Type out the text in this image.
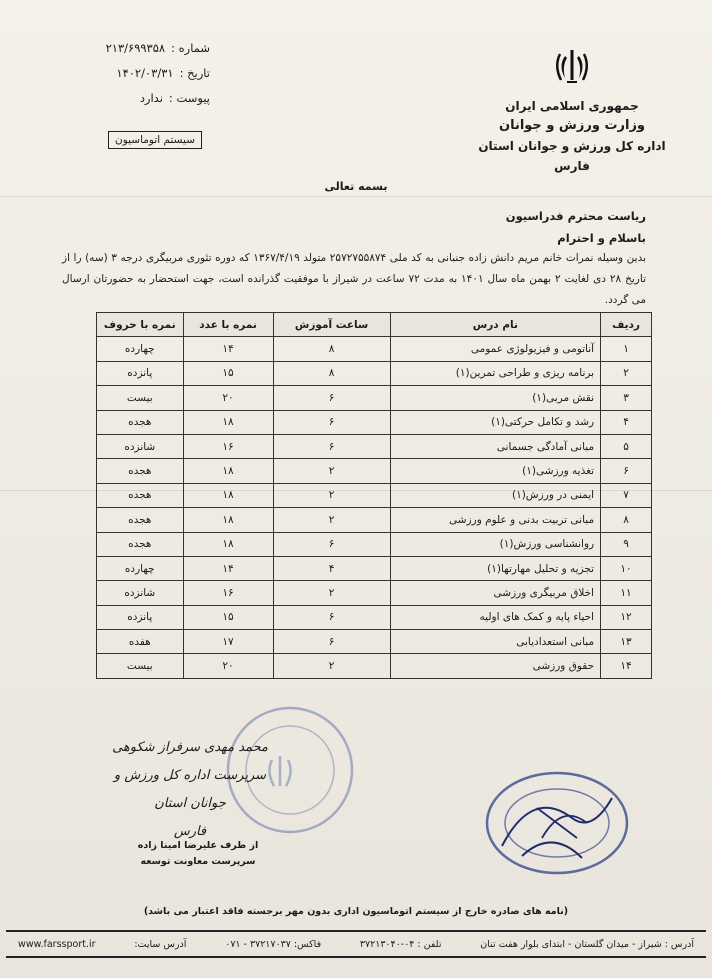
جمهوری اسلامی ایران
وزارت ورزش و جوانان
اداره کل ورزش و جوانان استان فارس
شماره :۲۱۳/۶۹۹۳۵۸
تاریخ :۱۴۰۲/۰۳/۳۱
پیوست :ندارد
سیستم اتوماسیون
بسمه تعالی
ریاست محترم فدراسیون
باسلام و احترام
بدین وسیله نمرات خانم مریم دانش زاده جنبانی به کد ملی ۲۵۷۲۷۵۵۸۷۴ متولد ۱۳۶۷/۴/۱۹ که دوره تئوری مربیگری درجه ۳ (سه) را از تاریخ ۲۸ دی لغایت ۲ بهمن ماه سال ۱۴۰۱ به مدت ۷۲ ساعت در شیراز با موفقیت گذرانده است، جهت استحضار به حضورتان ارسال می گردد.
ردیف	نام درس	ساعت آموزش	نمره با عدد	نمره با حروف
۱	آناتومی و فیزیولوژی عمومی	۸	۱۴	چهارده
۲	برنامه ریزی و طراحی تمرین(۱)	۸	۱۵	پانزده
۳	نقش مربی(۱)	۶	۲۰	بیست
۴	رشد و تکامل حرکتی(۱)	۶	۱۸	هجده
۵	مبانی آمادگی جسمانی	۶	۱۶	شانزده
۶	تغذیه ورزشی(۱)	۲	۱۸	هجده
۷	ایمنی در ورزش(۱)	۲	۱۸	هجده
۸	مبانی تربیت بدنی و علوم ورزشی	۲	۱۸	هجده
۹	روانشناسی ورزش(۱)	۶	۱۸	هجده
۱۰	تجزیه و تحلیل مهارتها(۱)	۴	۱۴	چهارده
۱۱	اخلاق مربیگری ورزشی	۲	۱۶	شانزده
۱۲	احیاء پایه و کمک های اولیه	۶	۱۵	پانزده
۱۳	مبانی استعدادیابی	۶	۱۷	هفده
۱۴	حقوق ورزشی	۲	۲۰	بیست
محمد مهدی سرفراز شکوهی
سرپرست اداره کل ورزش و جوانان استان
فارس
از طرف علیرضا امینا زاده
سرپرست معاونت توسعه
(نامه های صادره خارج از سیستم اتوماسیون اداری بدون مهر برجسته فاقد اعتبار می باشد)
آدرس : شیراز - میدان گلستان - ابتدای بلوار هفت تنان
تلفن : ۰۴-۳۷۲۱۳۰۴۰
فاکس: ۳۷۲۱۷۰۳۷ - ۰۷۱
آدرس سایت:
www.farssport.ir
